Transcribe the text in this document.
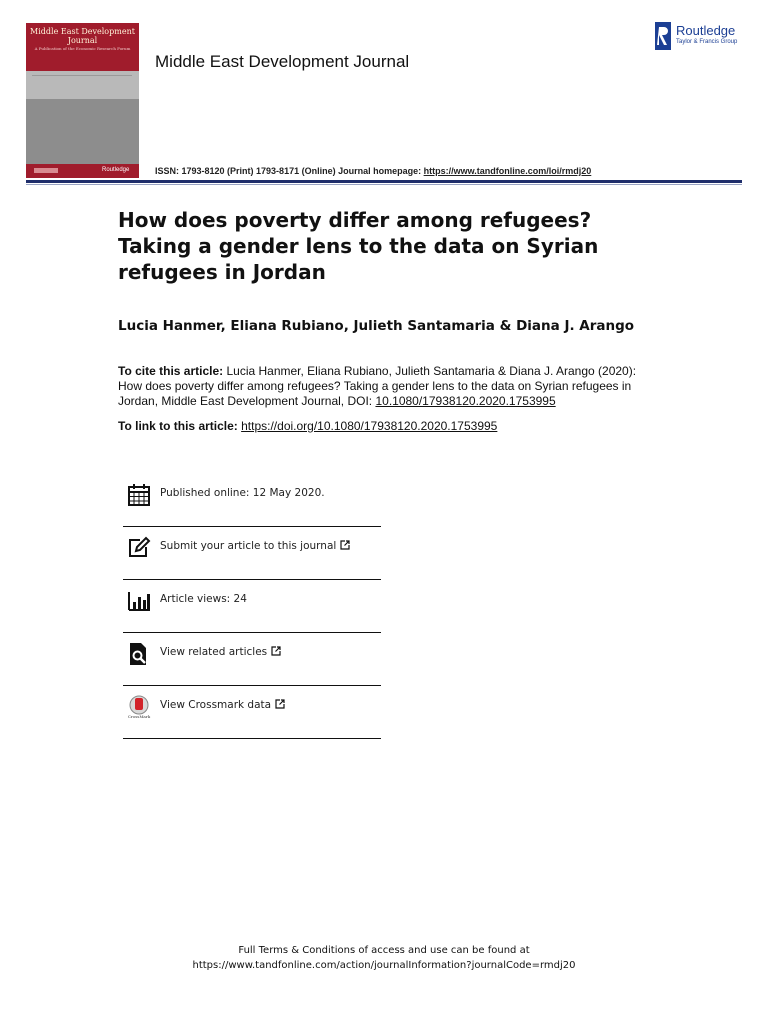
Middle East Development Journal
A Publication of the Economic Research Forum
Routledge
Middle East Development Journal
ISSN: 1793-8120 (Print) 1793-8171 (Online) Journal homepage: https://www.tandfonline.com/loi/rmdj20
Routledge
Taylor & Francis Group
How does poverty differ among refugees? Taking a gender lens to the data on Syrian refugees in Jordan
Lucia Hanmer, Eliana Rubiano, Julieth Santamaria & Diana J. Arango
To cite this article: Lucia Hanmer, Eliana Rubiano, Julieth Santamaria & Diana J. Arango (2020): How does poverty differ among refugees? Taking a gender lens to the data on Syrian refugees in Jordan, Middle East Development Journal, DOI: 10.1080/17938120.2020.1753995
To link to this article: https://doi.org/10.1080/17938120.2020.1753995
Published online: 12 May 2020.
Submit your article to this journal
Article views: 24
View related articles
CrossMark
View Crossmark data
Full Terms & Conditions of access and use can be found at
https://www.tandfonline.com/action/journalInformation?journalCode=rmdj20
